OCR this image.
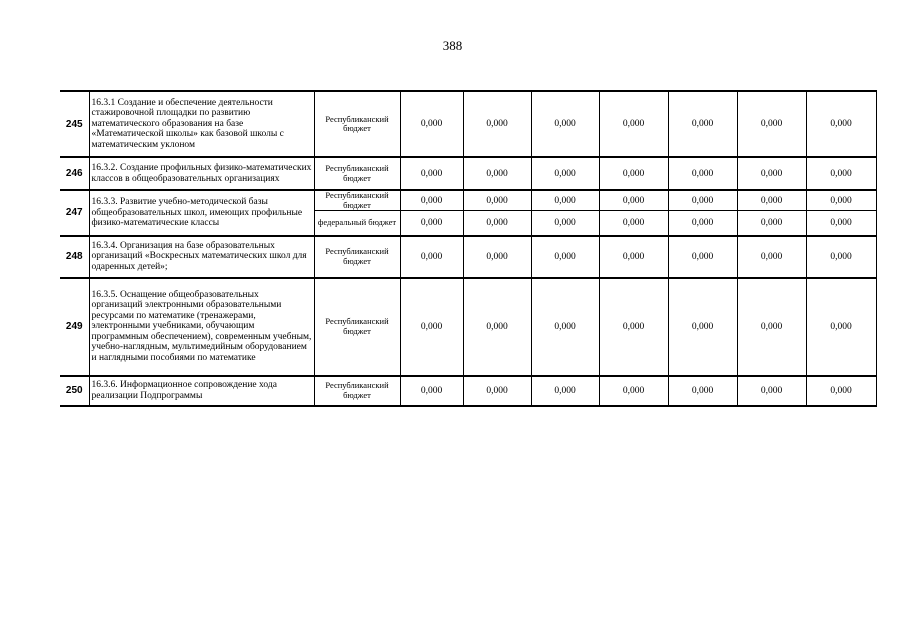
388
245	16.3.1 Создание и обеспечение деятельности стажировочной площадки по развитию математического образования на базе «Математической школы» как базовой школы с математическим уклоном	Республиканский бюджет	0,000	0,000	0,000	0,000	0,000	0,000	0,000
246	16.3.2. Создание профильных физико-математических классов в общеобразовательных организациях	Республиканский бюджет	0,000	0,000	0,000	0,000	0,000	0,000	0,000
247	16.3.3. Развитие учебно-методической базы общеобразовательных школ, имеющих профильные физико-математические классы	Республиканский бюджет	0,000	0,000	0,000	0,000	0,000	0,000	0,000
		федеральный бюджет	0,000	0,000	0,000	0,000	0,000	0,000	0,000
248	16.3.4. Организация на базе образовательных организаций «Воскресных математических школ для одаренных детей»;	Республиканский бюджет	0,000	0,000	0,000	0,000	0,000	0,000	0,000
249	16.3.5. Оснащение общеобразовательных организаций электронными образовательными ресурсами по математике (тренажерами, электронными учебниками, обучающим программным обеспечением), современным учебным, учебно-наглядным, мультимедийным оборудованием и наглядными пособиями по математике	Республиканский бюджет	0,000	0,000	0,000	0,000	0,000	0,000	0,000
250	16.3.6. Информационное сопровождение хода реализации Подпрограммы	Республиканский бюджет	0,000	0,000	0,000	0,000	0,000	0,000	0,000
